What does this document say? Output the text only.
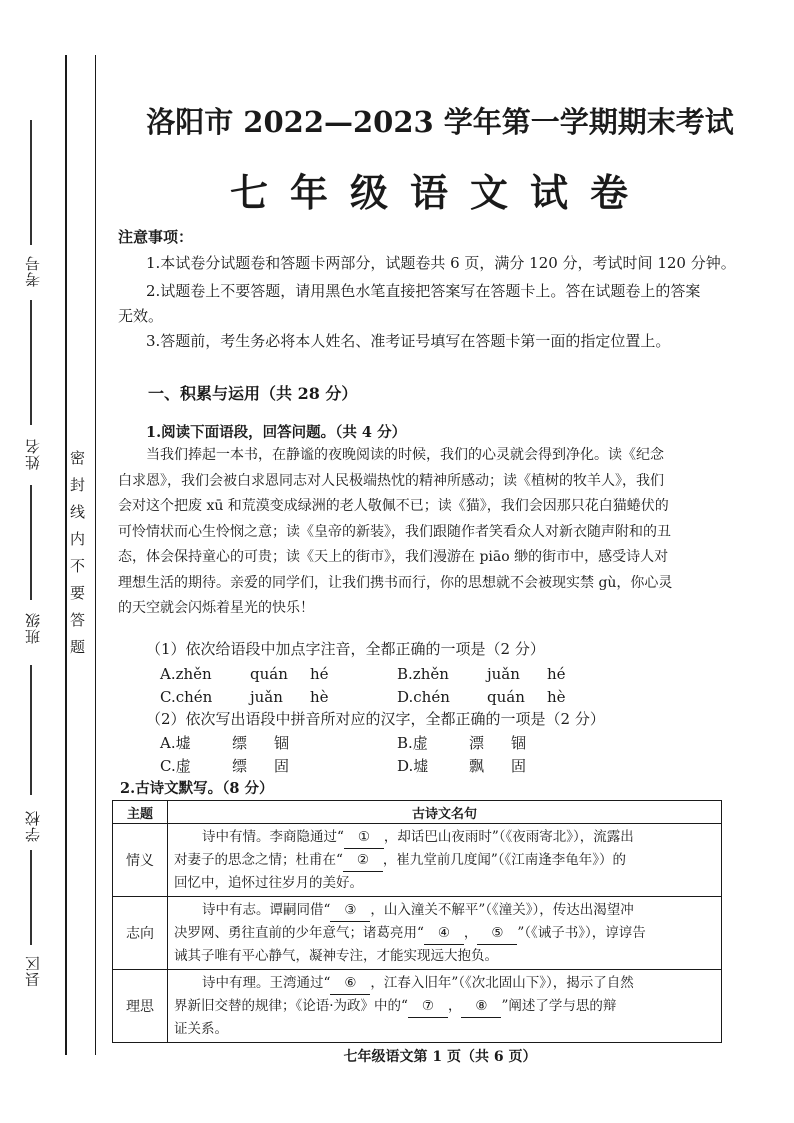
考号
姓名
班级
学校
县区
密封线内不要答题
洛阳市 2022—2023 学年第一学期期末考试
七年级语文试卷
注意事项：
1.本试卷分试题卷和答题卡两部分，试题卷共 6 页，满分 120 分，考试时间 120 分钟。
2.试题卷上不要答题，请用黑色水笔直接把答案写在答题卡上。答在试题卷上的答案
无效。
3.答题前，考生务必将本人姓名、准考证号填写在答题卡第一面的指定位置上。
一、积累与运用（共 28 分）
1.阅读下面语段，回答问题。（共 4 分）
当我们捧起一本书，在静谧的夜晚阅读的时候，我们的心灵就会得到净化。读《纪念
白求恩》，我们会被白求恩同志对人民极端热忱的精神所感动；读《植树的牧羊人》，我们
会对这个把废 xū 和荒漠变成绿洲的老人敬佩不已；读《猫》，我们会因那只花白猫蜷伏的
可怜情状而心生怜悯之意；读《皇帝的新装》，我们跟随作者笑看众人对新衣随声附和的丑
态，体会保持童心的可贵；读《天上的街市》，我们漫游在 piāo 缈的街市中，感受诗人对
理想生活的期待。亲爱的同学们，让我们携书而行，你的思想就不会被现实禁 gù，你心灵
的天空就会闪烁着星光的快乐！
（1）依次给语段中加点字注音，全都正确的一项是（2 分）
A.zhěn	quán hé	B.zhěn	juǎn hé
C.chén	juǎn hè	D.chén quán hè
（2）依次写出语段中拼音所对应的汉字，全都正确的一项是（2 分）
A.墟	缥 锢	B.虚	漂 锢
C.虚	缥 固	D.墟	飘 固
2.古诗文默写。（8 分）
主题	古诗文名句
情义	诗中有情。李商隐通过“ ① ，却话巴山夜雨时”（《夜雨寄北》），流露出
对妻子的思念之情；杜甫在“ ② ，崔九堂前几度闻”（《江南逢李龟年》）的
回忆中，追怀过往岁月的美好。

志向	诗中有志。谭嗣同借“ ③ ，山入潼关不解平”（《潼关》），传达出渴望冲
决罗网、勇往直前的少年意气；诸葛亮用“ ④ ， ⑤ ”（《诫子书》），谆谆告
诫其子唯有平心静气，凝神专注，才能实现远大抱负。

理思	诗中有理。王湾通过“ ⑥ ，江春入旧年”（《次北固山下》），揭示了自然
界新旧交替的规律；《论语·为政》中的“ ⑦ ， ⑧ ”阐述了学与思的辩
证关系。
七年级语文第 1 页（共 6 页）
